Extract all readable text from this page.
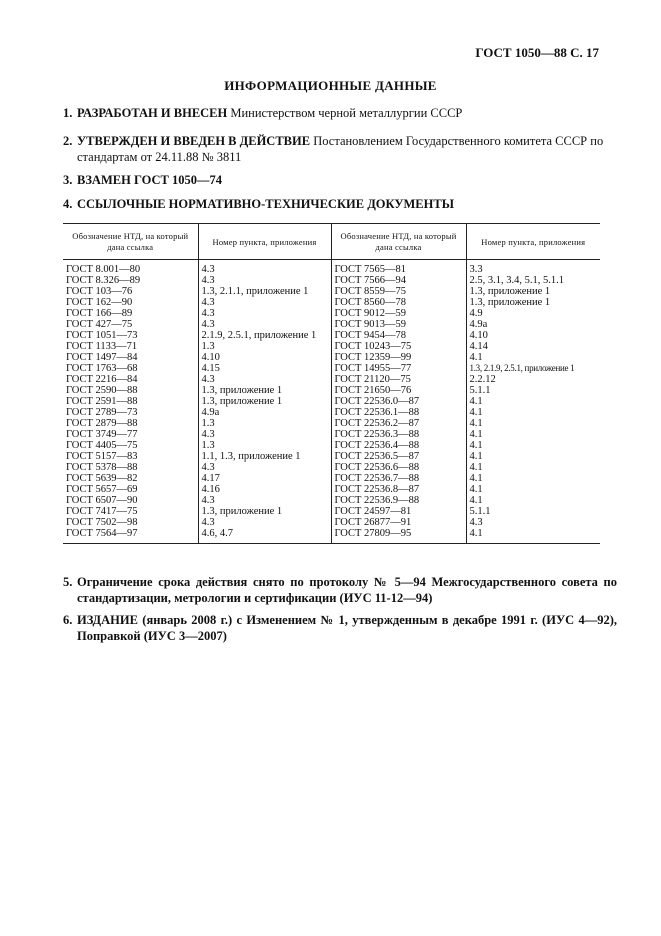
ГОСТ 1050—88 С. 17
ИНФОРМАЦИОННЫЕ ДАННЫЕ
1. РАЗРАБОТАН И ВНЕСЕН Министерством черной металлургии СССР
2. УТВЕРЖДЕН И ВВЕДЕН В ДЕЙСТВИЕ Постановлением Государственного комитета СССР по стандартам от 24.11.88 № 3811
3. ВЗАМЕН ГОСТ 1050—74
4. ССЫЛОЧНЫЕ НОРМАТИВНО-ТЕХНИЧЕСКИЕ ДОКУМЕНТЫ
Обозначение НТД, на который дана ссылка	Номер пункта, приложения	Обозначение НТД, на который дана ссылка	Номер пункта, приложения
ГОСТ 8.001—80	4.3	ГОСТ 7565—81	3.3
ГОСТ 8.326—89	4.3	ГОСТ 7566—94	2.5, 3.1, 3.4, 5.1, 5.1.1
ГОСТ 103—76	1.3, 2.1.1, приложение 1	ГОСТ 8559—75	1.3, приложение 1
ГОСТ 162—90	4.3	ГОСТ 8560—78	1.3, приложение 1
ГОСТ 166—89	4.3	ГОСТ 9012—59	4.9
ГОСТ 427—75	4.3	ГОСТ 9013—59	4.9а
ГОСТ 1051—73	2.1.9, 2.5.1, приложение 1	ГОСТ 9454—78	4.10
ГОСТ 1133—71	1.3	ГОСТ 10243—75	4.14
ГОСТ 1497—84	4.10	ГОСТ 12359—99	4.1
ГОСТ 1763—68	4.15	ГОСТ 14955—77	1.3, 2.1.9, 2.5.1, приложение 1
ГОСТ 2216—84	4.3	ГОСТ 21120—75	2.2.12
ГОСТ 2590—88	1.3, приложение 1	ГОСТ 21650—76	5.1.1
ГОСТ 2591—88	1.3, приложение 1	ГОСТ 22536.0—87	4.1
ГОСТ 2789—73	4.9а	ГОСТ 22536.1—88	4.1
ГОСТ 2879—88	1.3	ГОСТ 22536.2—87	4.1
ГОСТ 3749—77	4.3	ГОСТ 22536.3—88	4.1
ГОСТ 4405—75	1.3	ГОСТ 22536.4—88	4.1
ГОСТ 5157—83	1.1, 1.3, приложение 1	ГОСТ 22536.5—87	4.1
ГОСТ 5378—88	4.3	ГОСТ 22536.6—88	4.1
ГОСТ 5639—82	4.17	ГОСТ 22536.7—88	4.1
ГОСТ 5657—69	4.16	ГОСТ 22536.8—87	4.1
ГОСТ 6507—90	4.3	ГОСТ 22536.9—88	4.1
ГОСТ 7417—75	1.3, приложение 1	ГОСТ 24597—81	5.1.1
ГОСТ 7502—98	4.3	ГОСТ 26877—91	4.3
ГОСТ 7564—97	4.6, 4.7	ГОСТ 27809—95	4.1
5. Ограничение срока действия снято по протоколу № 5—94 Межгосударственного совета по стандартизации, метрологии и сертификации (ИУС 11-12—94)
6. ИЗДАНИЕ (январь 2008 г.) с Изменением № 1, утвержденным в декабре 1991 г. (ИУС 4—92), Поправкой (ИУС 3—2007)
